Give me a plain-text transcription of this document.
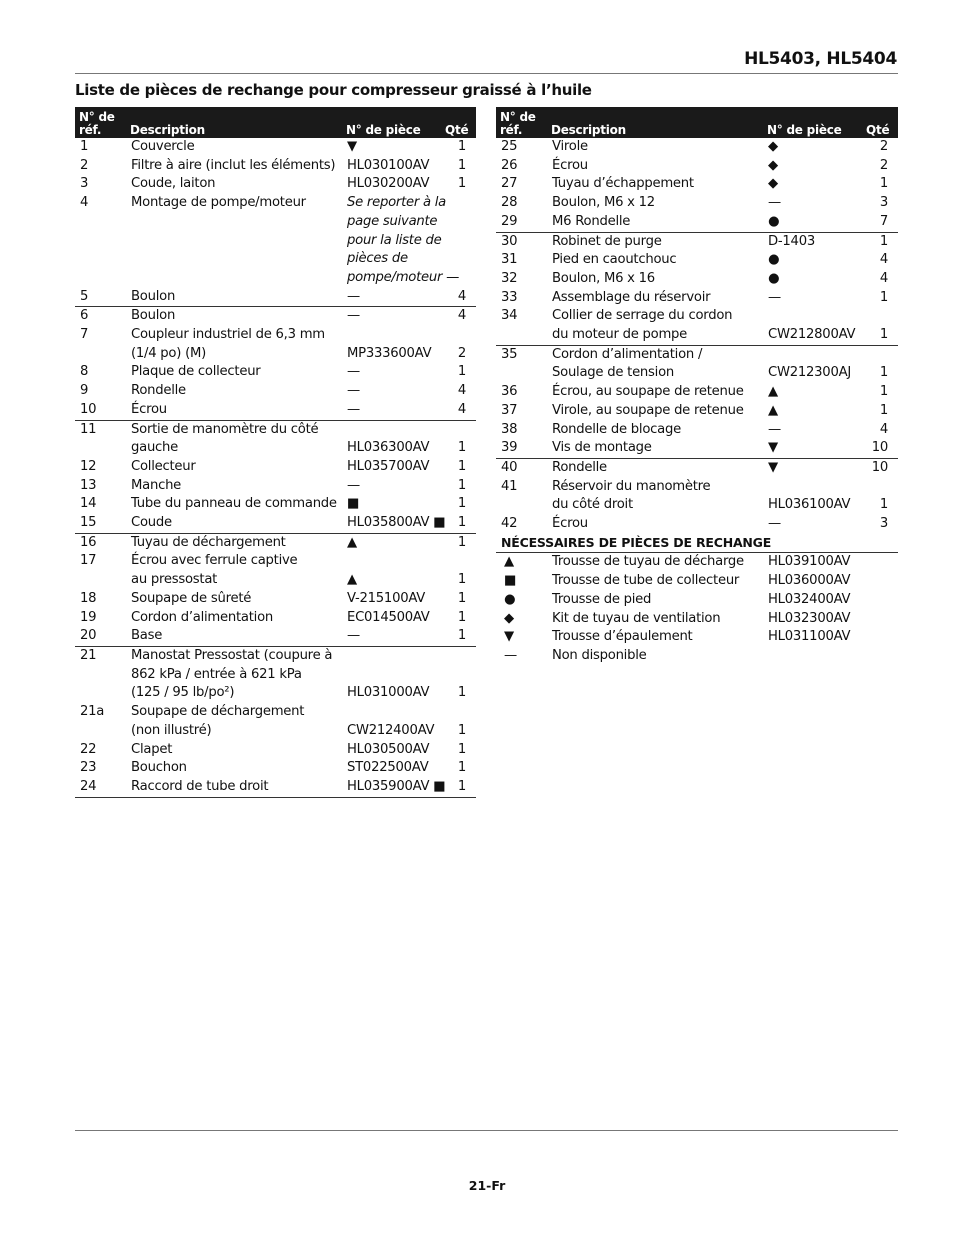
HL5403, HL5404
Liste de pièces de rechange pour compresseur graissé à l’huile
N° de réf.	Description	N° de pièce	Qté
1	Couvercle	▼	1
2	Filtre à aire (inclut les éléments)	HL030100AV	1
3	Coude, laiton	HL030200AV	1
4	Montage de pompe/moteur	Se reporter à la
page suivante
pour la liste de
pièces de
pompe/moteur —	

5	Boulon	—	4
6	Boulon	—	4
7	Coupleur industriel de 6,3 mm
(1/4 po) (M)	MP333600AV	2
8	Plaque de collecteur	—	1
9	Rondelle	—	4
10	Écrou	—	4
11	Sortie de manomètre du côté
gauche	HL036300AV	1
12	Collecteur	HL035700AV	1
13	Manche	—	1
14	Tube du panneau de commande	■	1
15	Coude	HL035800AV ■	1
16	Tuyau de déchargement	▲	1
17	Écrou avec ferrule captive
au pressostat	▲	1
18	Soupape de sûreté	V-215100AV	1
19	Cordon d’alimentation	EC014500AV	1
20	Base	—	1
21	Manostat Pressostat (coupure à
862 kPa / entrée à 621 kPa
(125 / 95 lb/po²)	HL031000AV	1
21a	Soupape de déchargement
(non illustré)	CW212400AV	1
22	Clapet	HL030500AV	1
23	Bouchon	ST022500AV	1
24	Raccord de tube droit	HL035900AV ■	1
N° de réf.	Description	N° de pièce	Qté
25	Virole	◆	2
26	Écrou	◆	2
27	Tuyau d’échappement	◆	1
28	Boulon, M6 x 12	—	3
29	M6 Rondelle	●	7
30	Robinet de purge	D-1403	1
31	Pied en caoutchouc	●	4
32	Boulon, M6 x 16	●	4
33	Assemblage du réservoir	—	1
34	Collier de serrage du cordon
du moteur de pompe	CW212800AV	1
35	Cordon d’alimentation /
Soulage de tension	CW212300AJ	1
36	Écrou, au soupape de retenue	▲	1
37	Virole, au soupape de retenue	▲	1
38	Rondelle de blocage	—	4
39	Vis de montage	▼	10
40	Rondelle	▼	10
41	Réservoir du manomètre
du côté droit	HL036100AV	1
42	Écrou	—	3
NÉCESSAIRES DE PIÈCES DE RECHANGE			
▲	Trousse de tuyau de décharge	HL039100AV	
■	Trousse de tube de collecteur	HL036000AV	
●	Trousse de pied	HL032400AV	
◆	Kit de tuyau de ventilation	HL032300AV	
▼	Trousse d’épaulement	HL031100AV	
—	Non disponible		
21-Fr
